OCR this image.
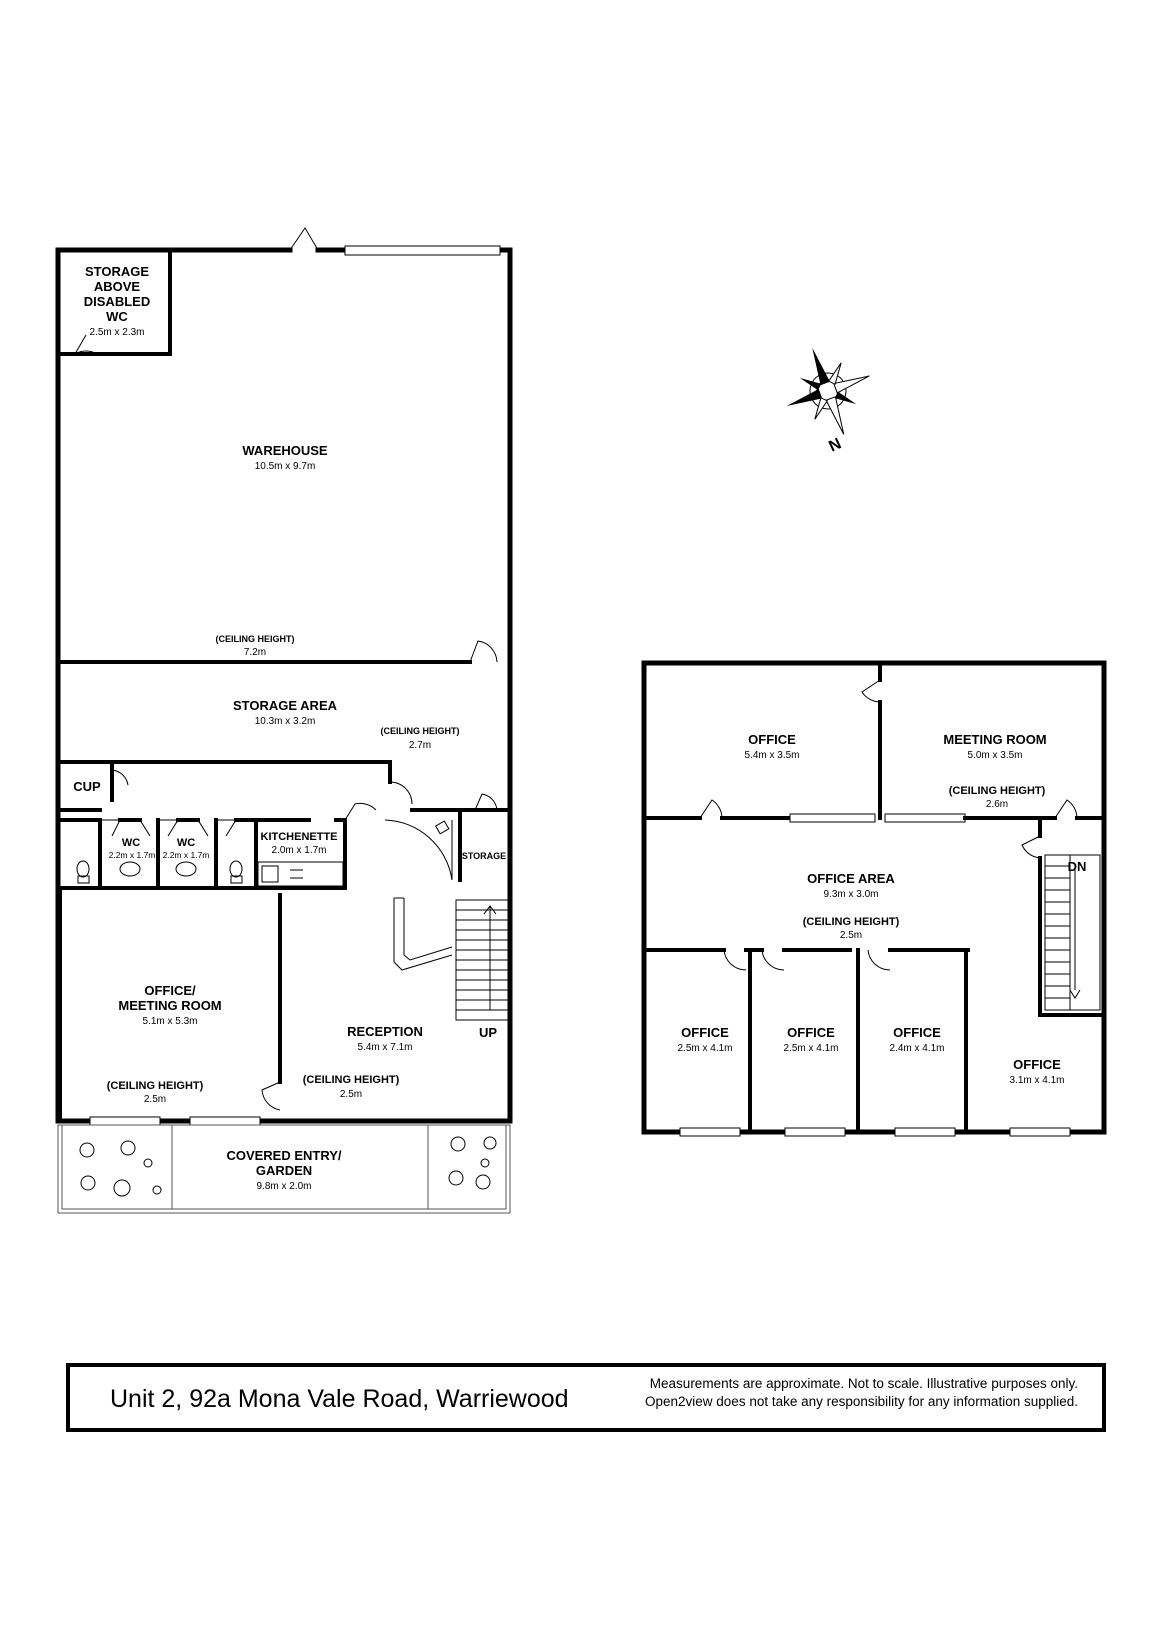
STORAGE
ABOVE
DISABLED
WC
2.5m x 2.3m
WAREHOUSE
10.5m x 9.7m
(CEILING HEIGHT)
7.2m
STORAGE AREA
10.3m x 3.2m
(CEILING HEIGHT)
2.7m
CUP
WC
2.2m x 1.7m
WC
2.2m x 1.7m
KITCHENETTE
2.0m x 1.7m	STORAGE
OFFICE/
MEETING ROOM
5.1m x 5.3m
(CEILING HEIGHT)
2.5m
RECEPTION
5.4m x 7.1m
(CEILING HEIGHT)
2.5m
UP
COVERED ENTRY/
GARDEN
9.8m x 2.0m
OFFICE
5.4m x 3.5m
MEETING ROOM
5.0m x 3.5m
(CEILING HEIGHT)
2.6m
OFFICE AREA
9.3m x 3.0m
(CEILING HEIGHT)
2.5m
OFFICE
2.5m x 4.1m
OFFICE
2.5m x 4.1m
OFFICE
2.4m x 4.1m
OFFICE
3.1m x 4.1m
DN
N
Unit 2, 92a Mona Vale Road, Warriewood
Measurements are approximate. Not to scale. Illustrative purposes only.
Open2view does not take any responsibility for any information supplied.
